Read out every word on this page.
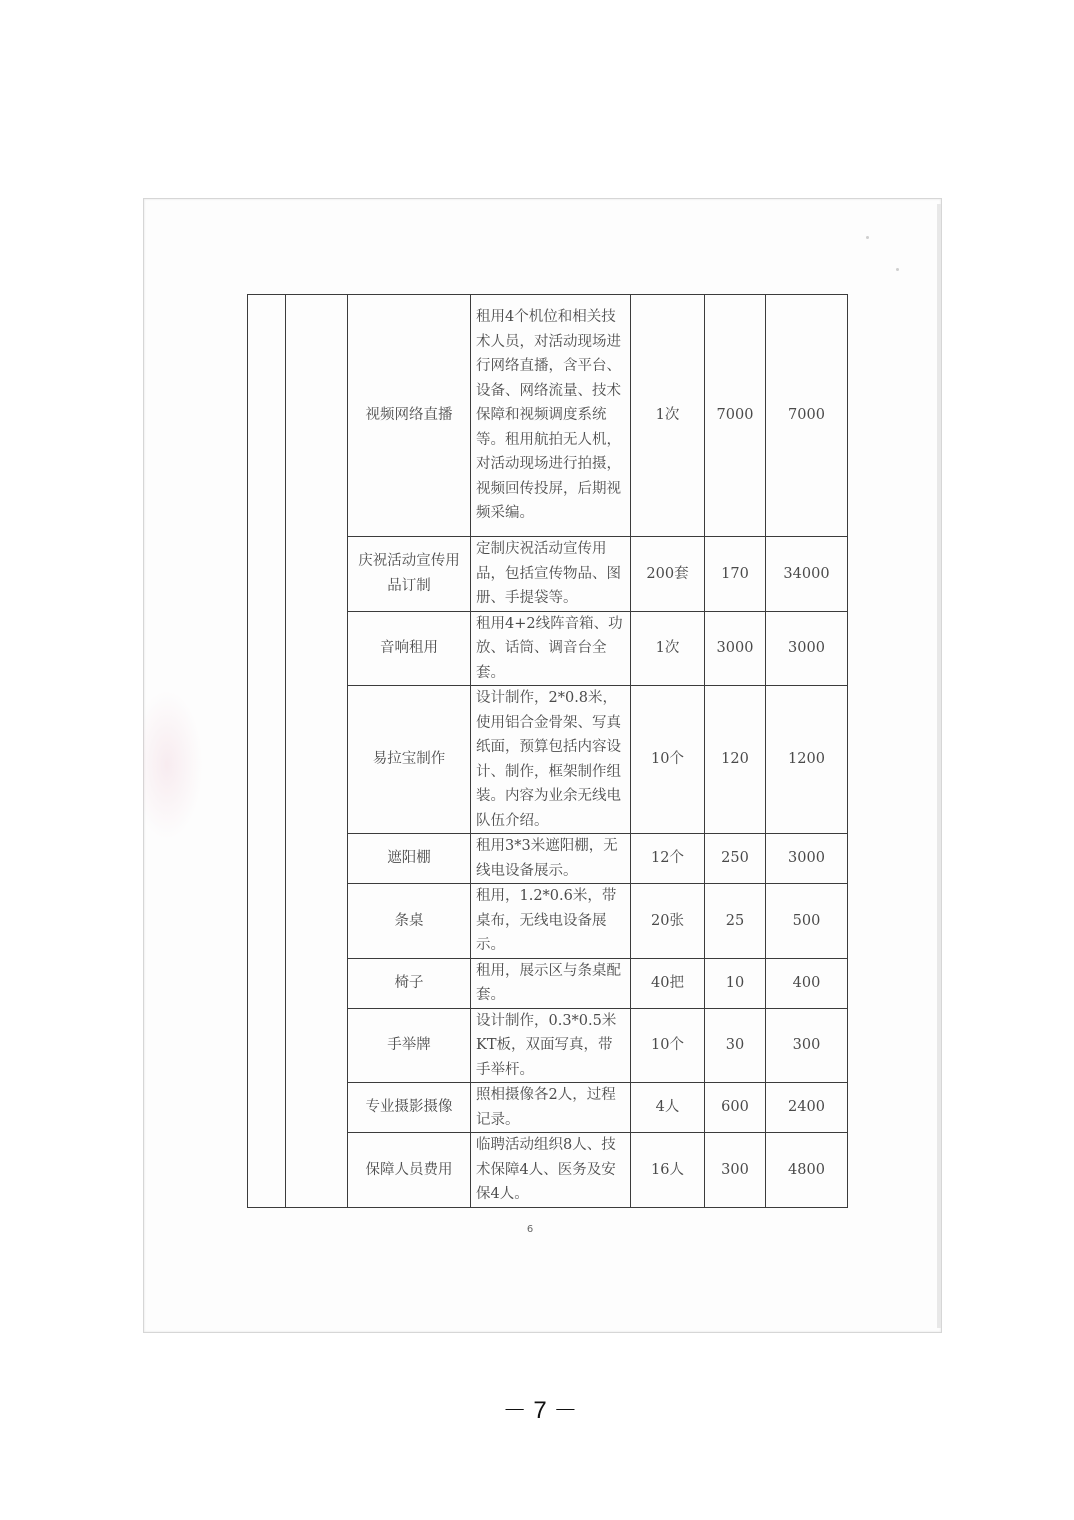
		视频网络直播	租用4个机位和相关技术人员，对活动现场进行网络直播，含平台、设备、网络流量、技术保障和视频调度系统等。租用航拍无人机，对活动现场进行拍摄，视频回传投屏，后期视频采编。	1次	7000	7000
		庆祝活动宣传用品订制	定制庆祝活动宣传用品，包括宣传物品、图册、手提袋等。	200套	170	34000
		音响租用	租用4+2线阵音箱、功放、话筒、调音台全套。	1次	3000	3000
		易拉宝制作	设计制作，2*0.8米，使用铝合金骨架、写真纸面，预算包括内容设计、制作，框架制作组装。内容为业余无线电队伍介绍。	10个	120	1200
		遮阳棚	租用3*3米遮阳棚，无线电设备展示。	12个	250	3000
		条桌	租用，1.2*0.6米，带桌布，无线电设备展示。	20张	25	500
		椅子	租用，展示区与条桌配套。	40把	10	400
		手举牌	设计制作，0.3*0.5米KT板，双面写真，带手举杆。	10个	30	300
		专业摄影摄像	照相摄像各2人，过程记录。	4人	600	2400
		保障人员费用	临聘活动组织8人、技术保障4人、医务及安保4人。	16人	300	4800
6
－ 7 －
